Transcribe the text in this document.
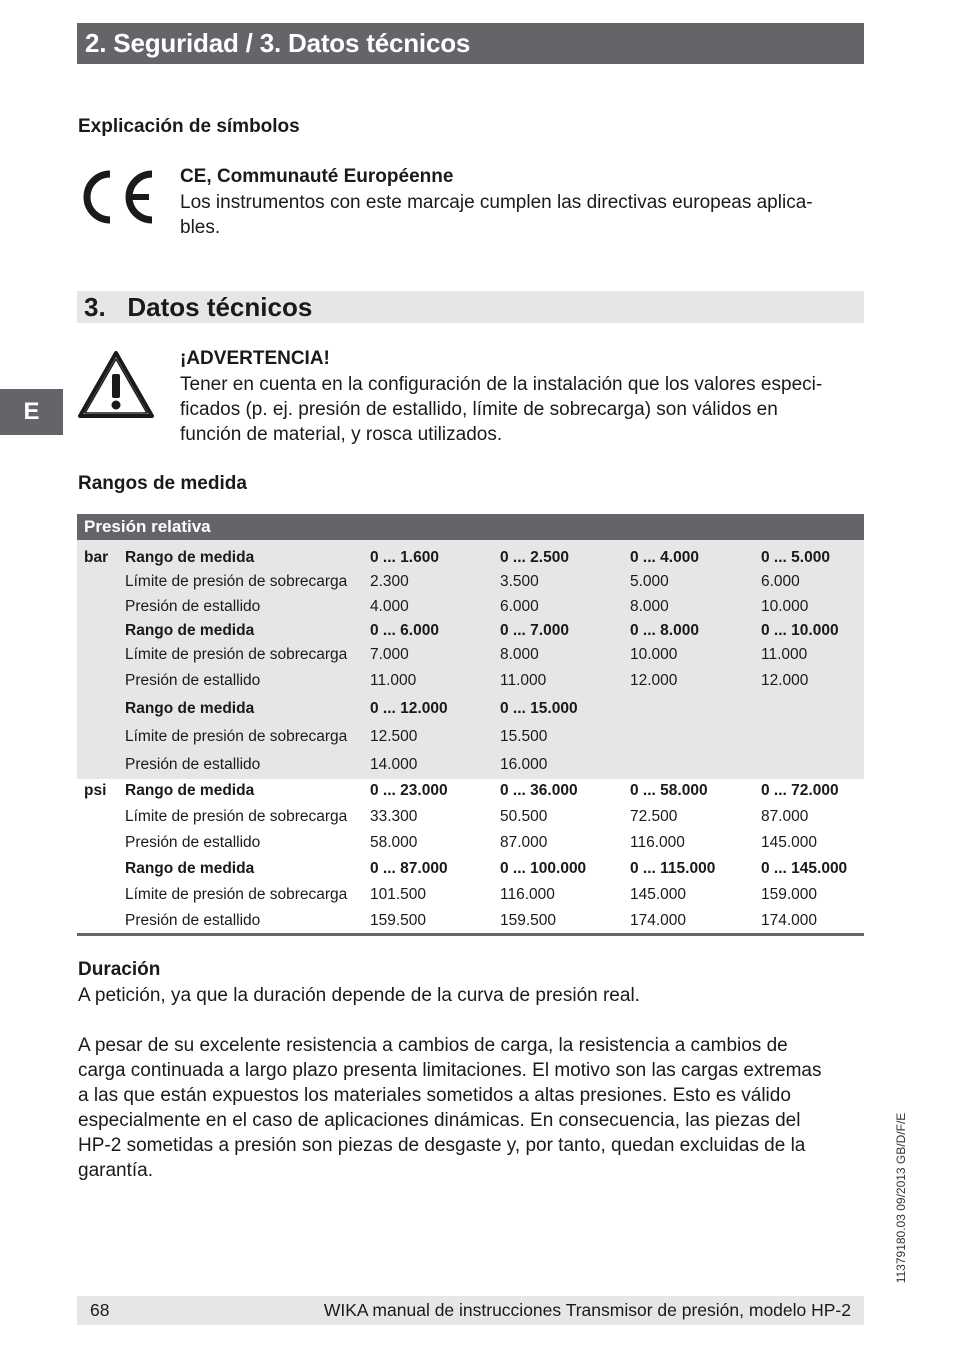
2. Seguridad / 3. Datos técnicos
Explicación de símbolos
CE, Communauté Européenne
Los instrumentos con este marcaje cumplen las directivas europeas aplica-
bles.
3.   Datos técnicos
E
¡ADVERTENCIA!
Tener en cuenta en la configuración de la instalación que los valores especi-
ficados (p. ej. presión de estallido, límite de sobrecarga) son válidos en
función de material, y rosca utilizados.
Rangos de medida
Presión relativa
bar Rango de medida	0 ... 1.600	0 ... 2.500	0 ... 4.000	0 ... 5.000
Límite de presión de sobrecarga 2.300	3.500	5.000	6.000
Presión de estallido	4.000	6.000	8.000	10.000
Rango de medida	0 ... 6.000	0 ... 7.000	0 ... 8.000	0 ... 10.000
Límite de presión de sobrecarga 7.000	8.000	10.000	11.000
Presión de estallido	11.000	11.000	12.000	12.000
Rango de medida	0 ... 12.000	0 ... 15.000
Límite de presión de sobrecarga 12.500	15.500
Presión de estallido	14.000	16.000
psi Rango de medida	0 ... 23.000	0 ... 36.000	0 ... 58.000	0 ... 72.000
Límite de presión de sobrecarga 33.300	50.500	72.500	87.000
Presión de estallido	58.000	87.000	116.000	145.000
Rango de medida	0 ... 87.000	0 ... 100.000	0 ... 115.000	0 ... 145.000
Límite de presión de sobrecarga 101.500	116.000	145.000	159.000
Presión de estallido	159.500	159.500	174.000	174.000
Duración
A petición, ya que la duración depende de la curva de presión real.
A pesar de su excelente resistencia a cambios de carga, la resistencia a cambios de
carga continuada a largo plazo presenta limitaciones. El motivo son las cargas extremas
a las que están expuestos los materiales sometidos a altas presiones. Esto es válido
especialmente en el caso de aplicaciones dinámicas. En consecuencia, las piezas del
HP-2 sometidas a presión son piezas de desgaste y, por tanto, quedan excluidas de la
garantía.	11379180.03 09/2013 GB/D/F/E
68	WIKA manual de instrucciones Transmisor de presión, modelo HP-2
